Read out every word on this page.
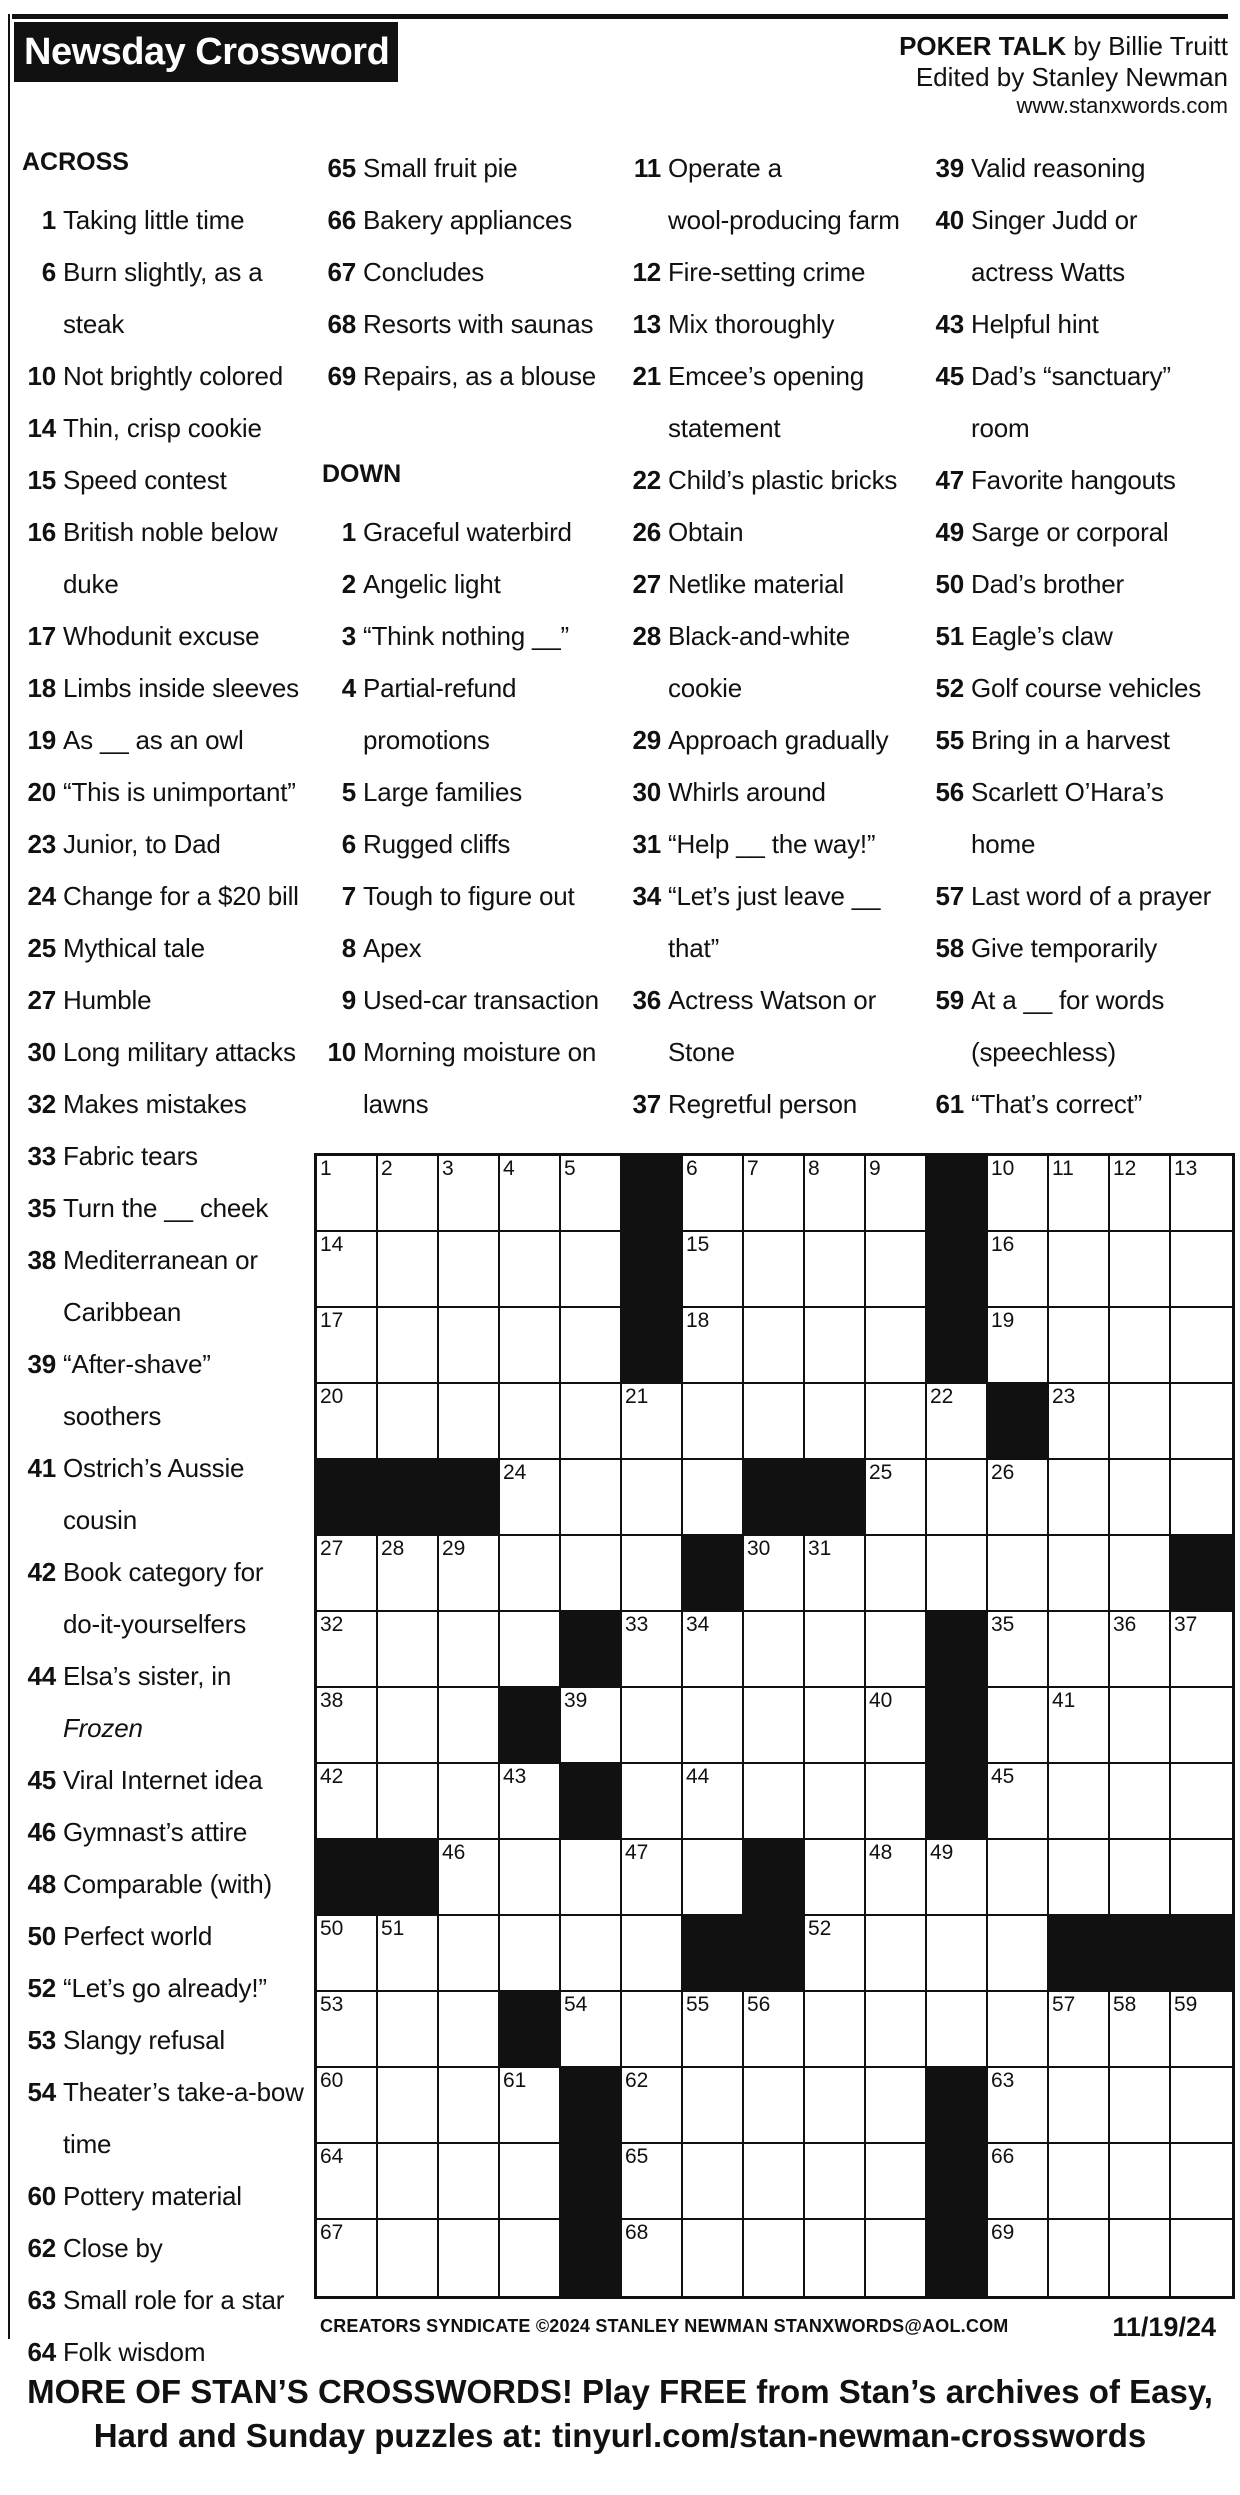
Newsday Crossword	POKER TALK by Billie Truitt
Edited by Stanley Newman
www.stanxwords.com
ACROSS
1 Taking little time
6 Burn slightly, as a
steak
10 Not brightly colored
14 Thin, crisp cookie
15 Speed contest
16 British noble below
duke
17 Whodunit excuse
18 Limbs inside sleeves
19 As __ as an owl
20 “This is unimportant”
23 Junior, to Dad
24 Change for a $20 bill
25 Mythical tale
27 Humble
30 Long military attacks
32 Makes mistakes
33 Fabric tears
35 Turn the __ cheek
38 Mediterranean or
Caribbean
39 “After-shave”
soothers
41 Ostrich’s Aussie
cousin
42 Book category for
do-it-yourselfers
44 Elsa’s sister, in
Frozen
45 Viral Internet idea
46 Gymnast’s attire
48 Comparable (with)
50 Perfect world
52 “Let’s go already!”
53 Slangy refusal
54 Theater’s take-a-bow
time
60 Pottery material
62 Close by
63 Small role for a star
64 Folk wisdom
65 Small fruit pie
66 Bakery appliances
67 Concludes
68 Resorts with saunas
69 Repairs, as a blouse
DOWN
1 Graceful waterbird
2 Angelic light
3 “Think nothing __”
4 Partial-refund
promotions
5 Large families
6 Rugged cliffs
7 Tough to figure out
8 Apex
9 Used-car transaction
10 Morning moisture on
lawns
11 Operate a
wool-producing farm
12 Fire-setting crime
13 Mix thoroughly
21 Emcee’s opening
statement
22 Child’s plastic bricks
26 Obtain
27 Netlike material
28 Black-and-white
cookie
29 Approach gradually
30 Whirls around
31 “Help __ the way!”
34 “Let’s just leave __
that”
36 Actress Watson or
Stone
37 Regretful person
39 Valid reasoning
40 Singer Judd or
actress Watts
43 Helpful hint
45 Dad’s “sanctuary”
room
47 Favorite hangouts
49 Sarge or corporal
50 Dad’s brother
51 Eagle’s claw
52 Golf course vehicles
55 Bring in a harvest
56 Scarlett O’Hara’s
home
57 Last word of a prayer
58 Give temporarily
59 At a __ for words
(speechless)
61 “That’s correct”
1 2 3 4 5	6 7 8 9	10 11 12 13
14	15	16
17	18	19
20	21	22	23
24	25	26
27 28 29	30 31
32	33 34	35	36 37
38	39	40	41
42	43	44	45
46	47	48 49
50 51	52
53	54	55 56	57 58 59
60	61	62	63
64	65	66
67	68	69
CREATORS SYNDICATE ©2024 STANLEY NEWMAN STANXWORDS@AOL.COM	11/19/24
MORE OF STAN’S CROSSWORDS! Play FREE from Stan’s archives of Easy,
Hard and Sunday puzzles at: tinyurl.com/stan-newman-crosswords
